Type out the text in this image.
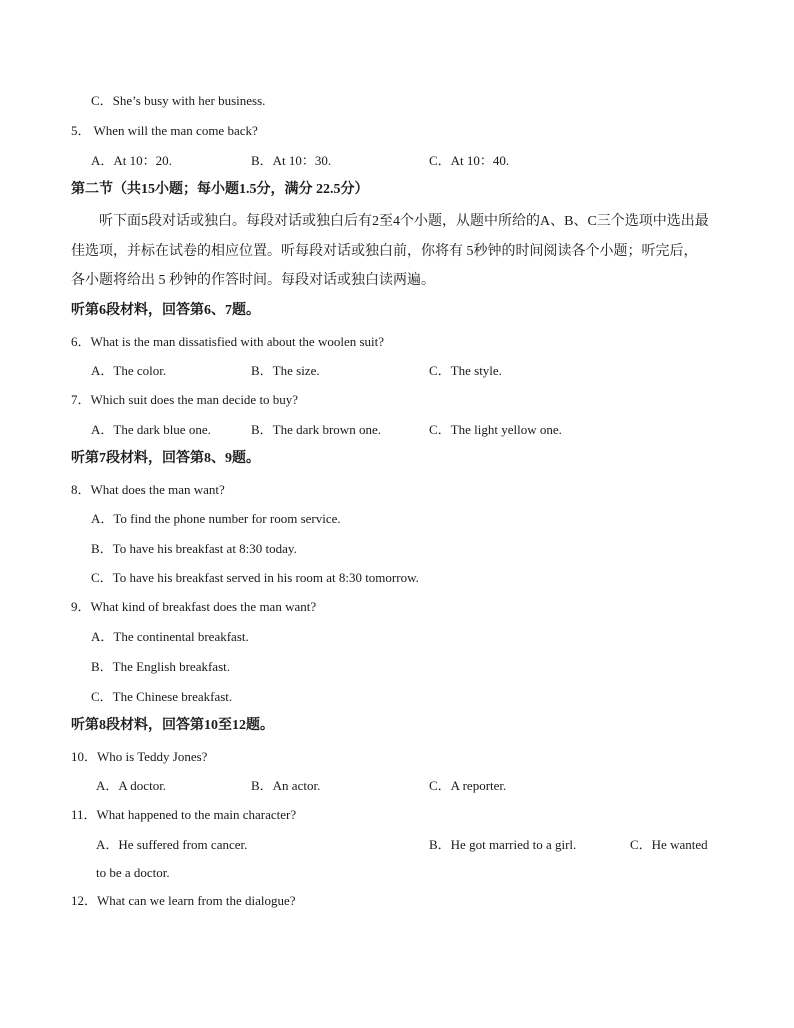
C．She’s busy with her business.
5． When will the man come back?
A．At 10：20.	B．At 10：30.	C．At 10：40.
第二节（共15小题；每小题1.5分，满分 22.5分）
听下面5段对话或独白。每段对话或独白后有2至4个小题，从题中所给的A、B、C三个选项中选出最
佳选项，并标在试卷的相应位置。听每段对话或独白前，你将有 5秒钟的时间阅读各个小题；听完后，
各小题将给出 5 秒钟的作答时间。每段对话或独白读两遍。
听第6段材料，回答第6、7题。
6．What is the man dissatisfied with about the woolen suit?
A．The color.	B．The size.	C．The style.
7．Which suit does the man decide to buy?
A．The dark blue one.	B．The dark brown one.	C．The light yellow one.
听第7段材料，回答第8、9题。
8．What does the man want?
A．To find the phone number for room service.
B．To have his breakfast at 8:30 today.
C．To have his breakfast served in his room at 8:30 tomorrow.
9．What kind of breakfast does the man want?
A．The continental breakfast.
B．The English breakfast.
C．The Chinese breakfast.
听第8段材料，回答第10至12题。
10．Who is Teddy Jones?
A．A doctor.	B．An actor.	C．A reporter.
11．What happened to the main character?
A．He suffered from cancer.	B．He got married to a girl.	C．He wanted
to be a doctor.
12．What can we learn from the dialogue?
